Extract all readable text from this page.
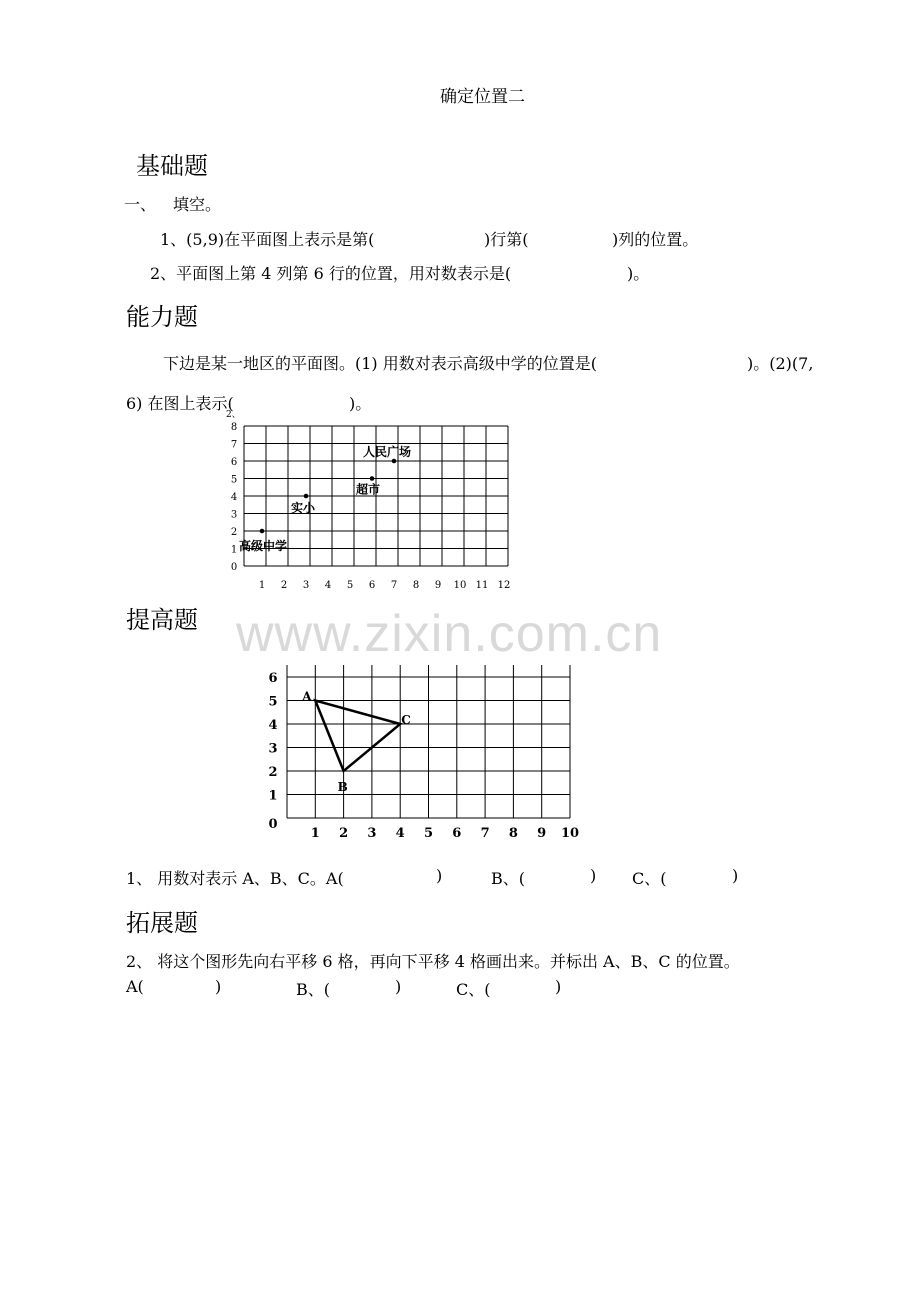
确定位置二
基础题
一、 填空。
1、(5,9)在平面图上表示是第(	)行第(	)列的位置。
2、平面图上第 4 列第 6 行的位置，用对数表示是(	)。
能力题
下边是某一地区的平面图。(1) 用数对表示高级中学的位置是(	)。(2)(7,
6) 在图上表示(	)。
1 2 3 4 5 6 7 8 9 10 11 12
0
1
2
3
4
5
6
7
8
2、
高级中学
实小
超市
人民广场
提高题 www.zixin.com.cn
1 2 3 4 5 6 7 8 9 10
0
1
2
3
4
5
6
A
B
C
1、 用数对表示 A、B、C。A(	)	B、(	) C、(	)
拓展题
2、 将这个图形先向右平移 6 格，再向下平移 4 格画出来。并标出 A、B、C 的位置。
A(	)	B、(	)	C、(	)
